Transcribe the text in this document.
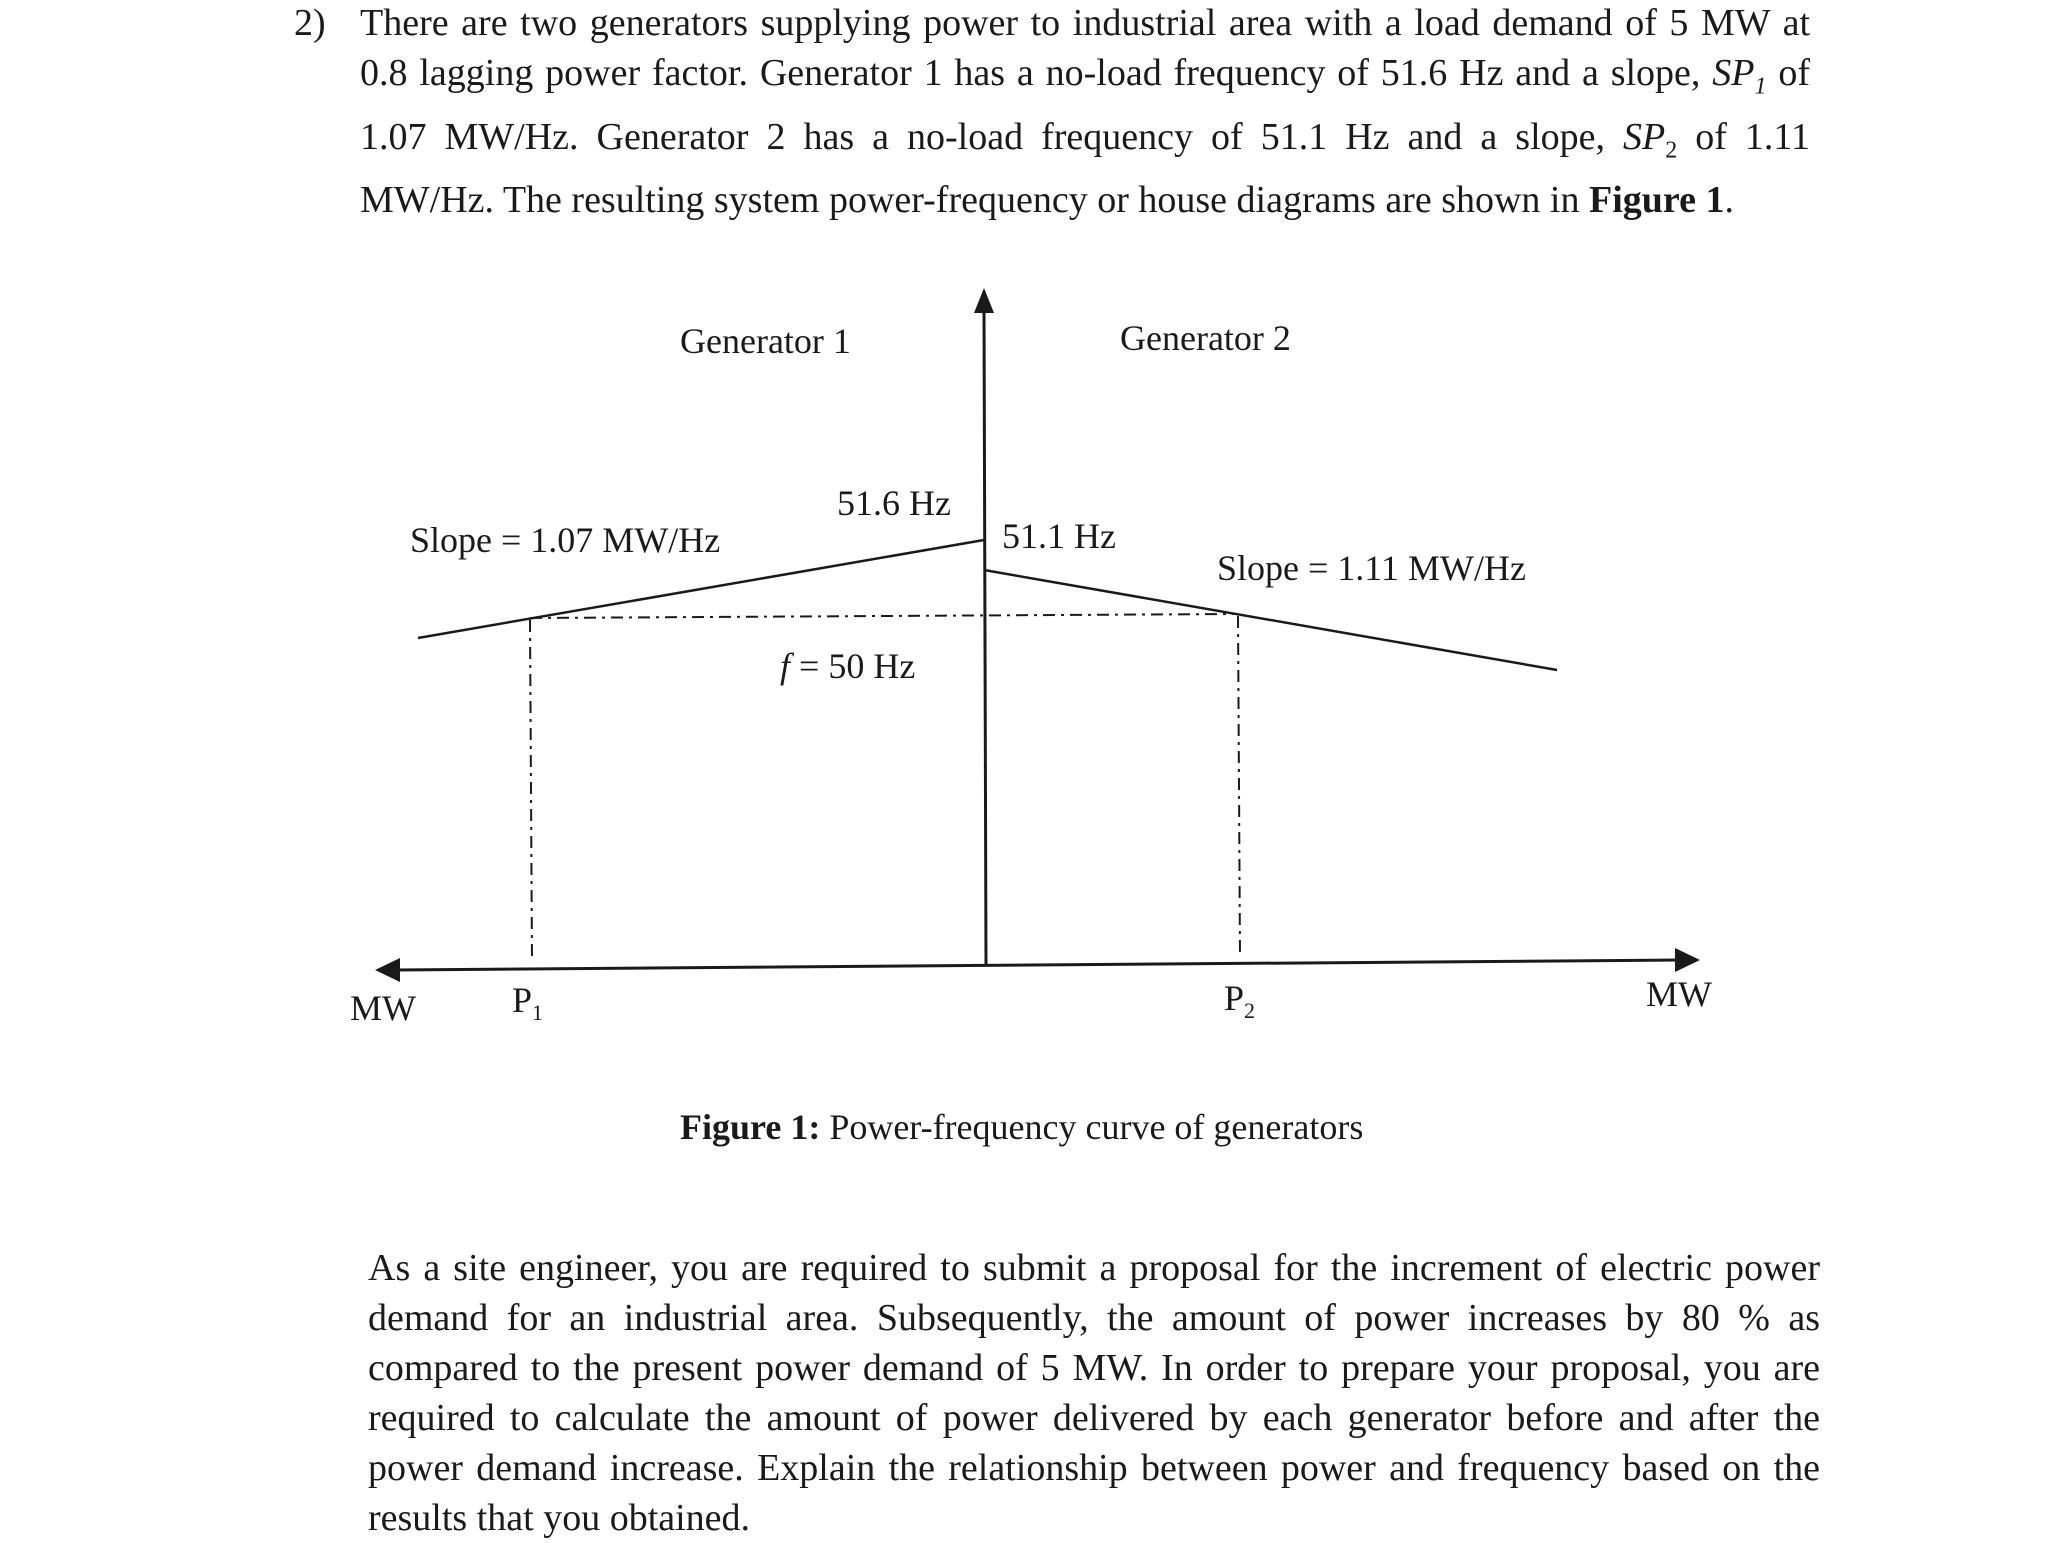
2) There are two generators supplying power to industrial area with a load demand of 5 MW at 0.8 lagging power factor. Generator 1 has a no-load frequency of 51.6 Hz and a slope, $SP_1$ of 1.07 MW/Hz. Generator 2 has a no-load frequency of 51.1 Hz and a slope, $SP_2$ of 1.11 MW/Hz. The resulting system power-frequency or house diagrams are shown in Figure 1.
Generator 1	Generator 2
51.6 Hz
51.1 Hz
Slope = 1.07 MW/Hz
Slope = 1.11 MW/Hz
f = 50 Hz
MW	MW
$P_1$	$P_2$
Figure 1: Power-frequency curve of generators
As a site engineer, you are required to submit a proposal for the increment of electric power demand for an industrial area. Subsequently, the amount of power increases by 80 % as compared to the present power demand of 5 MW. In order to prepare your proposal, you are required to calculate the amount of power delivered by each generator before and after the power demand increase. Explain the relationship between power and frequency based on the results that you obtained.
